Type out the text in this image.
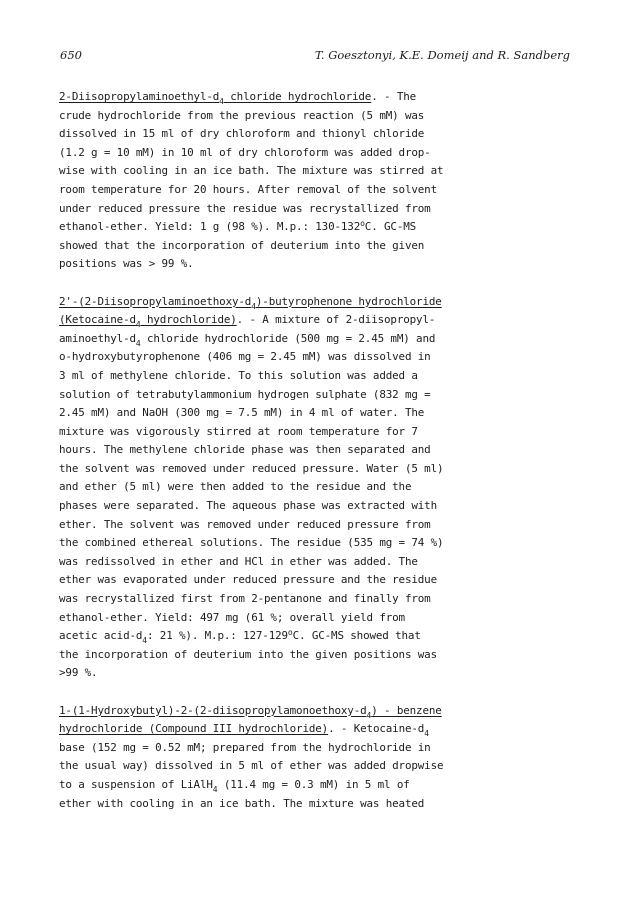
650	T. Goesztonyi, K.E. Domeij and R. Sandberg
$2-Diisopropylaminoethyl-d_4$ chloride hydrochloride. - The
crude hydrochloride from the previous reaction (5 mM) was
dissolved in 15 ml of dry chloroform and thionyl chloride
(1.2 g = 10 mM) in 10 ml of dry chloroform was added drop-
wise with cooling in an ice bath. The mixture was stirred at
room temperature for 20 hours. After removal of the solvent
under reduced pressure the residue was recrystallized from
ethanol-ether. Yield: 1 g (98 %). M.p.: 130-132$^o$C. GC-MS
showed that the incorporation of deuterium into the given
positions was > 99 %.
$2'-(2-Diisopropylaminoethoxy-d_4)$-butyrophenone hydrochloride
($Ketocaine-d_4$ hydrochloride). - A mixture of 2-diisopropyl-
aminoethyl-$d_4$ chloride hydrochloride (500 mg = 2.45 mM) and
o-hydroxybutyrophenone (406 mg = 2.45 mM) was dissolved in
3 ml of methylene chloride. To this solution was added a
solution of tetrabutylammonium hydrogen sulphate (832 mg =
2.45 mM) and NaOH (300 mg = 7.5 mM) in 4 ml of water. The
mixture was vigorously stirred at room temperature for 7
hours. The methylene chloride phase was then separated and
the solvent was removed under reduced pressure. Water (5 ml)
and ether (5 ml) were then added to the residue and the
phases were separated. The aqueous phase was extracted with
ether. The solvent was removed under reduced pressure from
the combined ethereal solutions. The residue (535 mg = 74 %)
was redissolved in ether and HCl in ether was added. The
ether was evaporated under reduced pressure and the residue
was recrystallized first from 2-pentanone and finally from
ethanol-ether. Yield: 497 mg (61 %; overall yield from
acetic acid-$d_4$: 21 %). M.p.: 127-129$^o$C. GC-MS showed that
the incorporation of deuterium into the given positions was
>99 %.
$1-(1-Hydroxybutyl)-2-(2-diisopropylamonoethoxy-d_4)$ - benzene
hydrochloride (Compound III hydrochloride). - Ketocaine-$d_4$
base (152 mg = 0.52 mM; prepared from the hydrochloride in
the usual way) dissolved in 5 ml of ether was added dropwise
to a suspension of LiAlH$_4$ (11.4 mg = 0.3 mM) in 5 ml of
ether with cooling in an ice bath. The mixture was heated
